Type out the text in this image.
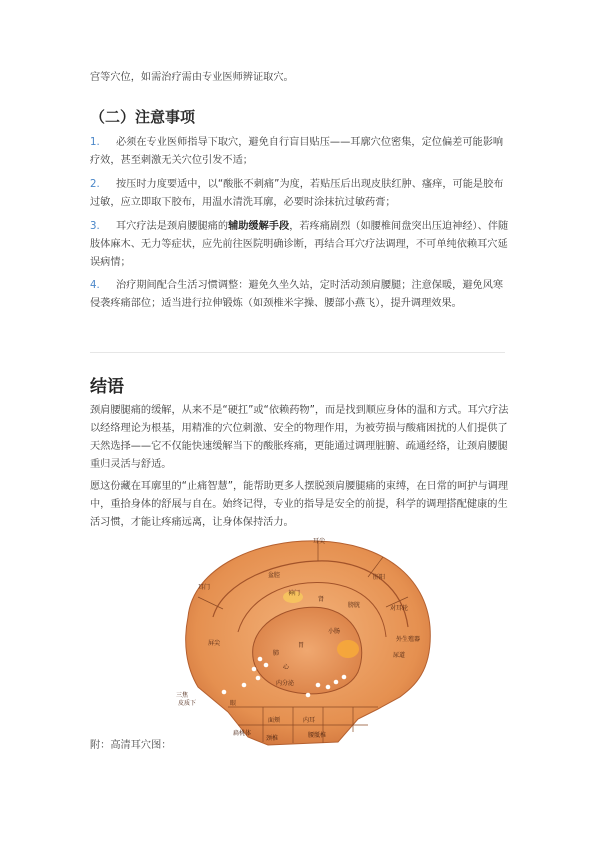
宫等穴位，如需治疗需由专业医师辨证取穴。

（二）注意事项
1. 必须在专业医师指导下取穴，避免自行盲目贴压——耳廓穴位密集，定位偏差可能影响疗效，甚至刺激无关穴位引发不适；
2. 按压时力度要适中，以“酸胀不刺痛”为度，若贴压后出现皮肤红肿、瘙痒，可能是胶布过敏，应立即取下胶布，用温水清洗耳廓，必要时涂抹抗过敏药膏；
3. 耳穴疗法是颈肩腰腿痛的辅助缓解手段，若疼痛剧烈（如腰椎间盘突出压迫神经）、伴随肢体麻木、无力等症状，应先前往医院明确诊断，再结合耳穴疗法调理，不可单纯依赖耳穴延误病情；
4. 治疗期间配合生活习惯调整：避免久坐久站，定时活动颈肩腰腿；注意保暖，避免风寒侵袭疼痛部位；适当进行拉伸锻炼（如颈椎米字操、腰部小燕飞），提升调理效果。
结语

颈肩腰腿痛的缓解，从来不是“硬扛”或“依赖药物”，而是找到顺应身体的温和方式。耳穴疗法以经络理论为根基，用精准的穴位刺激、安全的物理作用，为被劳损与酸痛困扰的人们提供了天然选择——它不仅能快速缓解当下的酸胀疼痛，更能通过调理脏腑、疏通经络，让颈肩腰腿重归灵活与舒适。

愿这份藏在耳廓里的“止痛智慧”，能帮助更多人摆脱颈肩腰腿痛的束缚，在日常的呵护与调理中，重拾身体的舒展与自在。始终记得，专业的指导是安全的前提，科学的调理搭配健康的生活习惯，才能让疼痛远离，让身体保持活力。

耳尖
肝阳
对耳轮
外生殖器
尿道
耳门
盆腔
神门
肾
膀胱
小肠
胃
肺
心
内分泌
屏尖
三焦
皮质下	眼
面颊	内耳
扁桃体
颈椎	腰骶椎
附：高清耳穴图：
